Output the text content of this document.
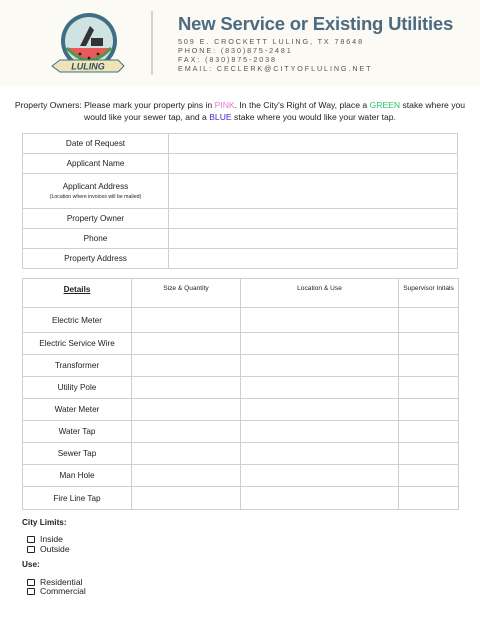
LULING
New Service or Existing Utilities
509 E. CROCKETT LULING, TX 78648
PHONE: (830)875-2481
FAX: (830)875-2038
EMAIL: CECLERK@CITYOFLULING.NET
Property Owners: Please mark your property pins in PINK. In the City's Right of Way, place a GREEN stake where you would like your sewer tap, and a BLUE stake where you would like your water tap.
Date of Request	
Applicant Name	
Applicant Address
(Location where invoices will be mailed)	

Property Owner	
Phone	
Property Address	
Details	Size & Quantity	Location & Use	Supervisor Initals
Electric Meter			
Electric Service Wire			
Transformer			
Utility Pole			
Water Meter			
Water Tap			
Sewer Tap			
Man Hole			
Fire Line Tap			
City Limits:
Inside
Outside
Use:
Residential
Commercial
